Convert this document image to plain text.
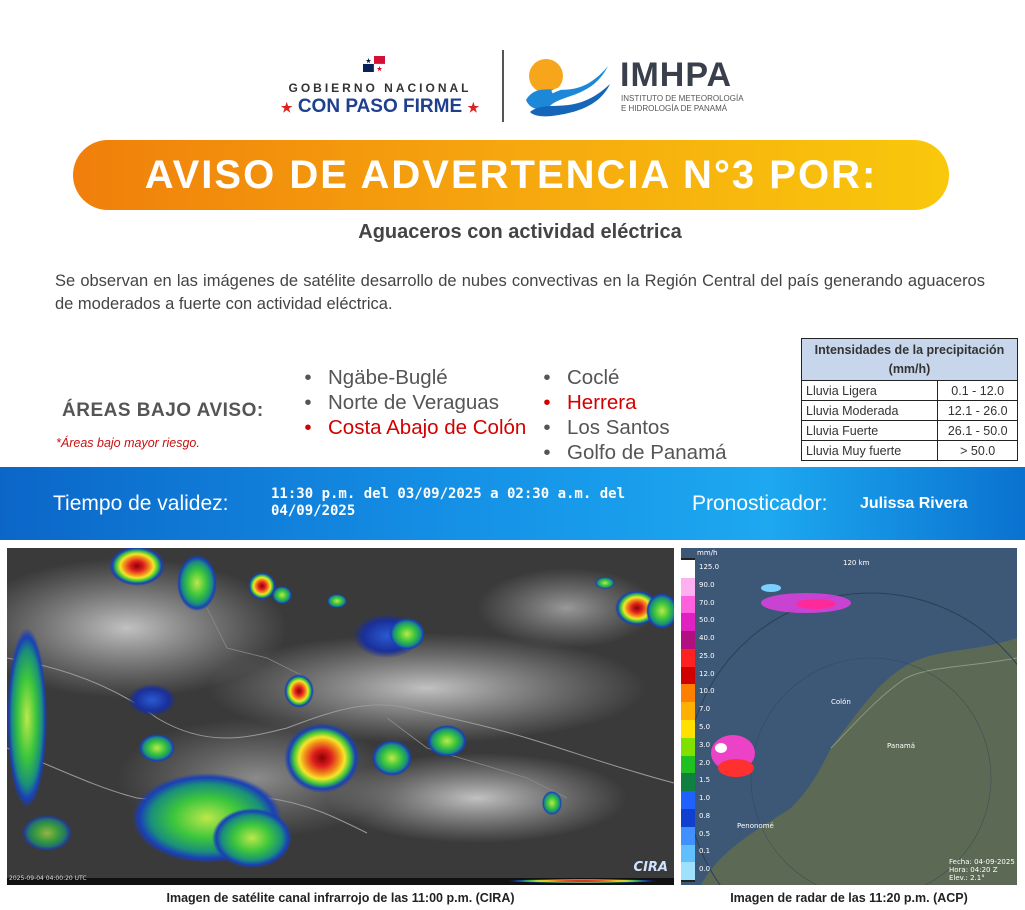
GOBIERNO NACIONAL
★ CON PASO FIRME ★
IMHPA
INSTITUTO DE METEOROLOGÍA
E HIDROLOGÍA DE PANAMÁ
AVISO DE ADVERTENCIA N°3 POR:
Aguaceros con actividad eléctrica
Se observan en las imágenes de satélite desarrollo de nubes convectivas en la Región Central del país generando aguaceros de moderados a fuerte con actividad eléctrica.
ÁREAS BAJO AVISO:
*Áreas bajo mayor riesgo.
• Ngäbe-Buglé
• Norte de Veraguas
• Costa Abajo de Colón
• Coclé
• Herrera
• Los Santos
• Golfo de Panamá
Intensidades de la precipitación (mm/h)	
Lluvia Ligera	0.1 - 12.0
Lluvia Moderada	12.1 - 26.0
Lluvia Fuerte	26.1 - 50.0
Lluvia Muy fuerte	> 50.0
Tiempo de validez:	11:30 p.m. del 03/09/2025 a 02:30 a.m. del 04/09/2025	Pronosticador: Julissa Rivera
2025-09-04 04:00:20 UTC
CIRA
Imagen de satélite canal infrarrojo de las 11:00 p.m. (CIRA)
mm/h
125.0
90.0
70.0
50.0
40.0
25.0
12.0
10.0
7.0
5.0
3.0
2.0
1.5
1.0
0.8
0.5
0.1
0.0
120 km
Colón
Panamá
Penonomé
Fecha: 04-09-2025
Hora: 04:20 Z
Elev.: 2.1°
Imagen de radar de las 11:20 p.m. (ACP)
